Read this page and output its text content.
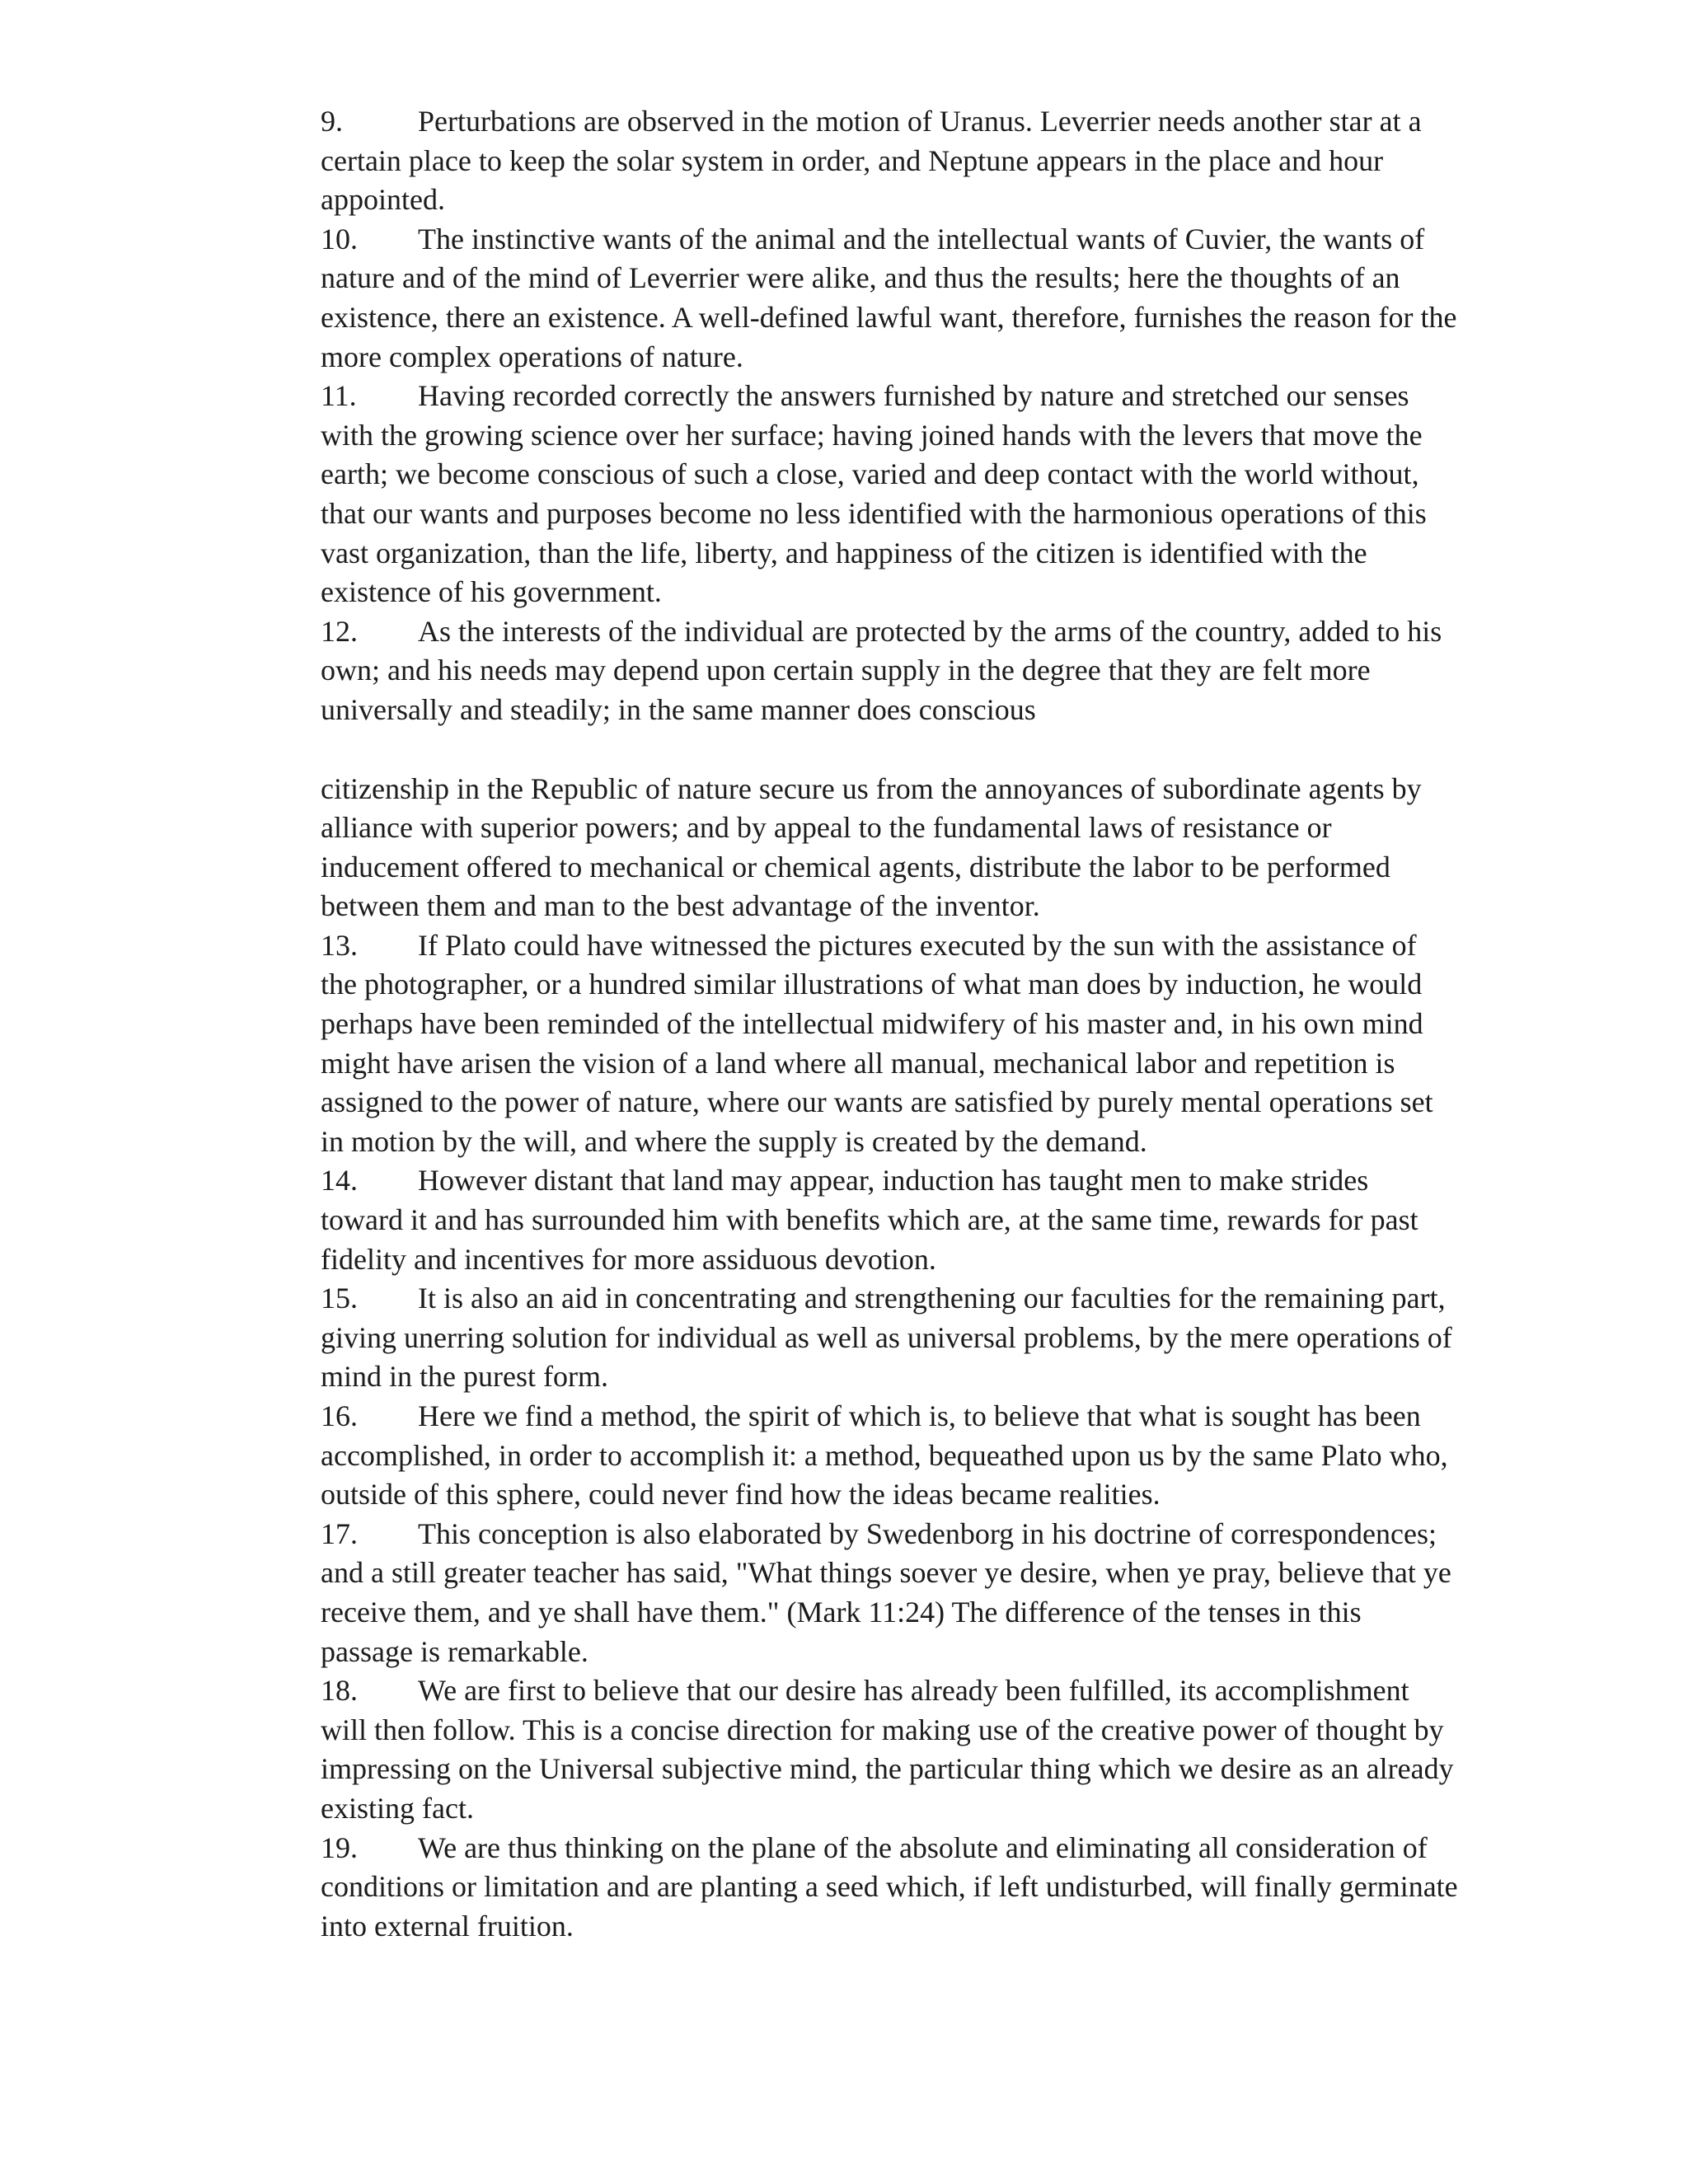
9.	Perturbations are observed in the motion of Uranus. Leverrier needs another star at a certain place to keep the solar system in order, and Neptune appears in the place and hour appointed.

10. The instinctive wants of the animal and the intellectual wants of Cuvier, the wants of nature and of the mind of Leverrier were alike, and thus the results; here the thoughts of an existence, there an existence. A well-defined lawful want, therefore, furnishes the reason for the more complex operations of nature.

11. Having recorded correctly the answers furnished by nature and stretched our senses with the growing science over her surface; having joined hands with the levers that move the earth; we become conscious of such a close, varied and deep contact with the world without, that our wants and purposes become no less identified with the harmonious operations of this vast organization, than the life, liberty, and happiness of the citizen is identified with the existence of his government.

12. As the interests of the individual are protected by the arms of the country, added to his own; and his needs may depend upon certain supply in the degree that they are felt more universally and steadily; in the same manner does conscious

citizenship in the Republic of nature secure us from the annoyances of subordinate agents by alliance with superior powers; and by appeal to the fundamental laws of resistance or inducement offered to mechanical or chemical agents, distribute the labor to be performed between them and man to the best advantage of the inventor.

13. If Plato could have witnessed the pictures executed by the sun with the assistance of the photographer, or a hundred similar illustrations of what man does by induction, he would perhaps have been reminded of the intellectual midwifery of his master and, in his own mind might have arisen the vision of a land where all manual, mechanical labor and repetition is assigned to the power of nature, where our wants are satisfied by purely mental operations set in motion by the will, and where the supply is created by the demand.

14. However distant that land may appear, induction has taught men to make strides toward it and has surrounded him with benefits which are, at the same time, rewards for past fidelity and incentives for more assiduous devotion.

15. It is also an aid in concentrating and strengthening our faculties for the remaining part, giving unerring solution for individual as well as universal problems, by the mere operations of mind in the purest form.

16. Here we find a method, the spirit of which is, to believe that what is sought has been accomplished, in order to accomplish it: a method, bequeathed upon us by the same Plato who, outside of this sphere, could never find how the ideas became realities.

17. This conception is also elaborated by Swedenborg in his doctrine of correspondences; and a still greater teacher has said, "What things soever ye desire, when ye pray, believe that ye receive them, and ye shall have them." (Mark 11:24) The difference of the tenses in this passage is remarkable.

18. We are first to believe that our desire has already been fulfilled, its accomplishment will then follow. This is a concise direction for making use of the creative power of thought by impressing on the Universal subjective mind, the particular thing which we desire as an already existing fact.

19. We are thus thinking on the plane of the absolute and eliminating all consideration of conditions or limitation and are planting a seed which, if left undisturbed, will finally germinate into external fruition.
